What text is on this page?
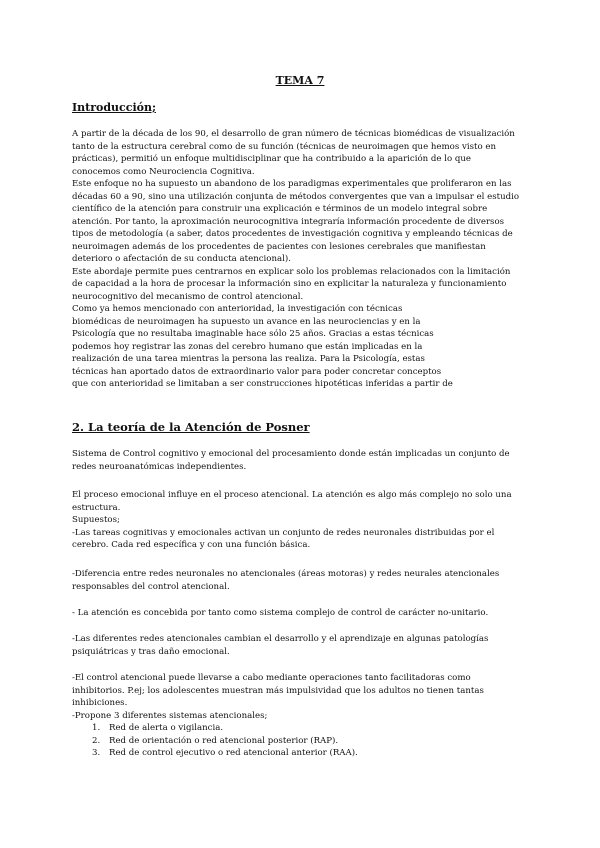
TEMA 7
Introducción;
A partir de la década de los 90, el desarrollo de gran número de técnicas biomédicas de visualización
tanto de la estructura cerebral como de su función (técnicas de neuroimagen que hemos visto en
prácticas), permitió un enfoque multidisciplinar que ha contribuido a la aparición de lo que
conocemos como Neurociencia Cognitiva.
Este enfoque no ha supuesto un abandono de los paradigmas experimentales que proliferaron en las
décadas 60 a 90, sino una utilización conjunta de métodos convergentes que van a impulsar el estudio
científico de la atención para construir una explicación e términos de un modelo integral sobre
atención. Por tanto, la aproximación neurocognitiva integraría información procedente de diversos
tipos de metodología (a saber, datos procedentes de investigación cognitiva y empleando técnicas de
neuroimagen además de los procedentes de pacientes con lesiones cerebrales que manifiestan
deterioro o afectación de su conducta atencional).
Este abordaje permite pues centrarnos en explicar solo los problemas relacionados con la limitación
de capacidad a la hora de procesar la información sino en explicitar la naturaleza y funcionamiento
neurocognitivo del mecanismo de control atencional.
Como ya hemos mencionado con anterioridad, la investigación con técnicas
biomédicas de neuroimagen ha supuesto un avance en las neurociencias y en la
Psicología que no resultaba imaginable hace sólo 25 años. Gracias a estas técnicas
podemos hoy registrar las zonas del cerebro humano que están implicadas en la
realización de una tarea mientras la persona las realiza. Para la Psicología, estas
técnicas han aportado datos de extraordinario valor para poder concretar conceptos
que con anterioridad se limitaban a ser construcciones hipotéticas inferidas a partir de
2. La teoría de la Atención de Posner
Sistema de Control cognitivo y emocional del procesamiento donde están implicadas un conjunto de
redes neuroanatómicas independientes.
El proceso emocional influye en el proceso atencional. La atención es algo más complejo no solo una
estructura.
Supuestos;
-Las tareas cognitivas y emocionales activan un conjunto de redes neuronales distribuidas por el
cerebro. Cada red específica y con una función básica.
-Diferencia entre redes neuronales no atencionales (áreas motoras) y redes neurales atencionales
responsables del control atencional.
- La atención es concebida por tanto como sistema complejo de control de carácter no-unitario.
-Las diferentes redes atencionales cambian el desarrollo y el aprendizaje en algunas patologías
psiquiátricas y tras daño emocional.
-El control atencional puede llevarse a cabo mediante operaciones tanto facilitadoras como
inhibitorios. P.ej; los adolescentes muestran más impulsividad que los adultos no tienen tantas
inhibiciones.
-Propone 3 diferentes sistemas atencionales;
1. Red de alerta o vigilancia.
2. Red de orientación o red atencional posterior (RAP).
3. Red de control ejecutivo o red atencional anterior (RAA).
